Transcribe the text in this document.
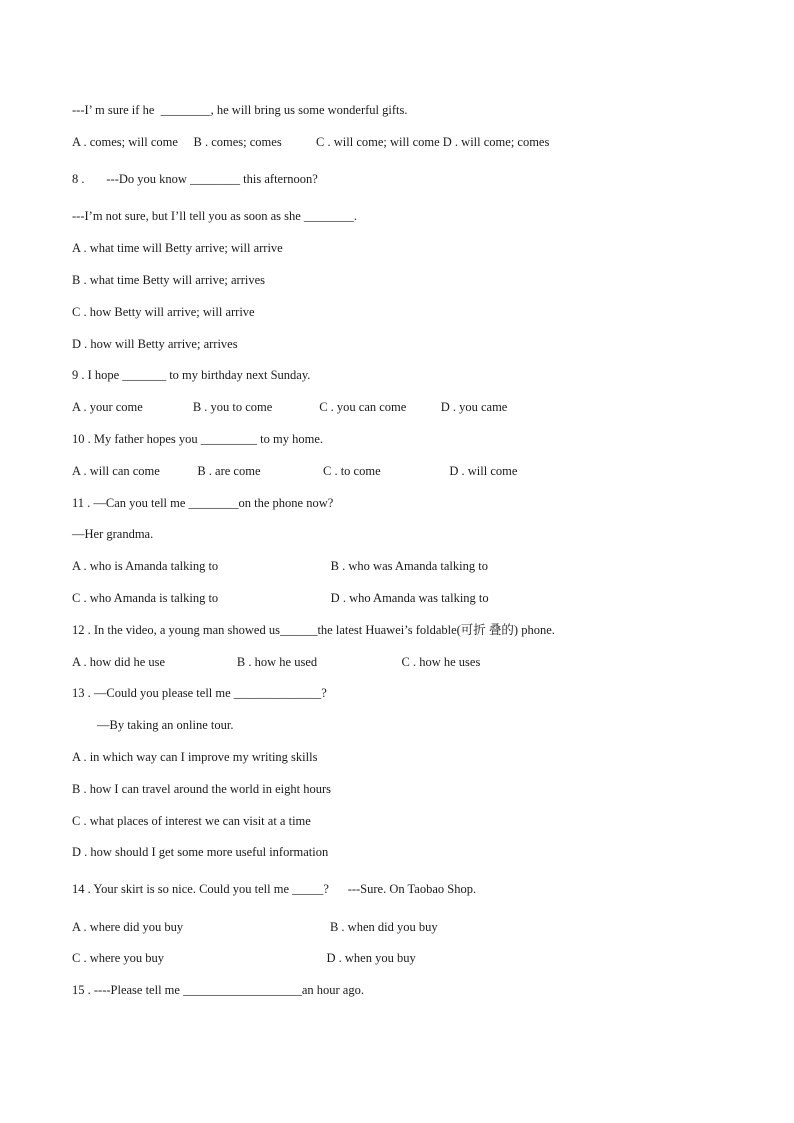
---I’ m sure if he  ________, he will bring us some wonderful gifts.
A . comes; will come     B . comes; comes           C . will come; will come D . will come; comes
8 .       ---Do you know ________ this afternoon?
---I’m not sure, but I’ll tell you as soon as she ________.
A . what time will Betty arrive; will arrive
B . what time Betty will arrive; arrives
C . how Betty will arrive; will arrive
D . how will Betty arrive; arrives
9 . I hope _______ to my birthday next Sunday.
A . your come                B . you to come               C . you can come           D . you came
10 . My father hopes you _________ to my home.
A . will can come            B . are come                    C . to come                      D . will come
11 . —Can you tell me ________on the phone now?
—Her grandma.
A . who is Amanda talking to                                    B . who was Amanda talking to
C . who Amanda is talking to                                    D . who Amanda was talking to
12 . In the video, a young man showed us______the latest Huawei’s foldable(可折 叠的) phone.
A . how did he use                       B . how he used                           C . how he uses
13 . —Could you please tell me ______________?
—By taking an online tour.
A . in which way can I improve my writing skills
B . how I can travel around the world in eight hours
C . what places of interest we can visit at a time
D . how should I get some more useful information
14 . Your skirt is so nice. Could you tell me _____?      ---Sure. On Taobao Shop.
A . where did you buy                                               B . when did you buy
C . where you buy                                                    D . when you buy
15 . ----Please tell me ___________________an hour ago.
